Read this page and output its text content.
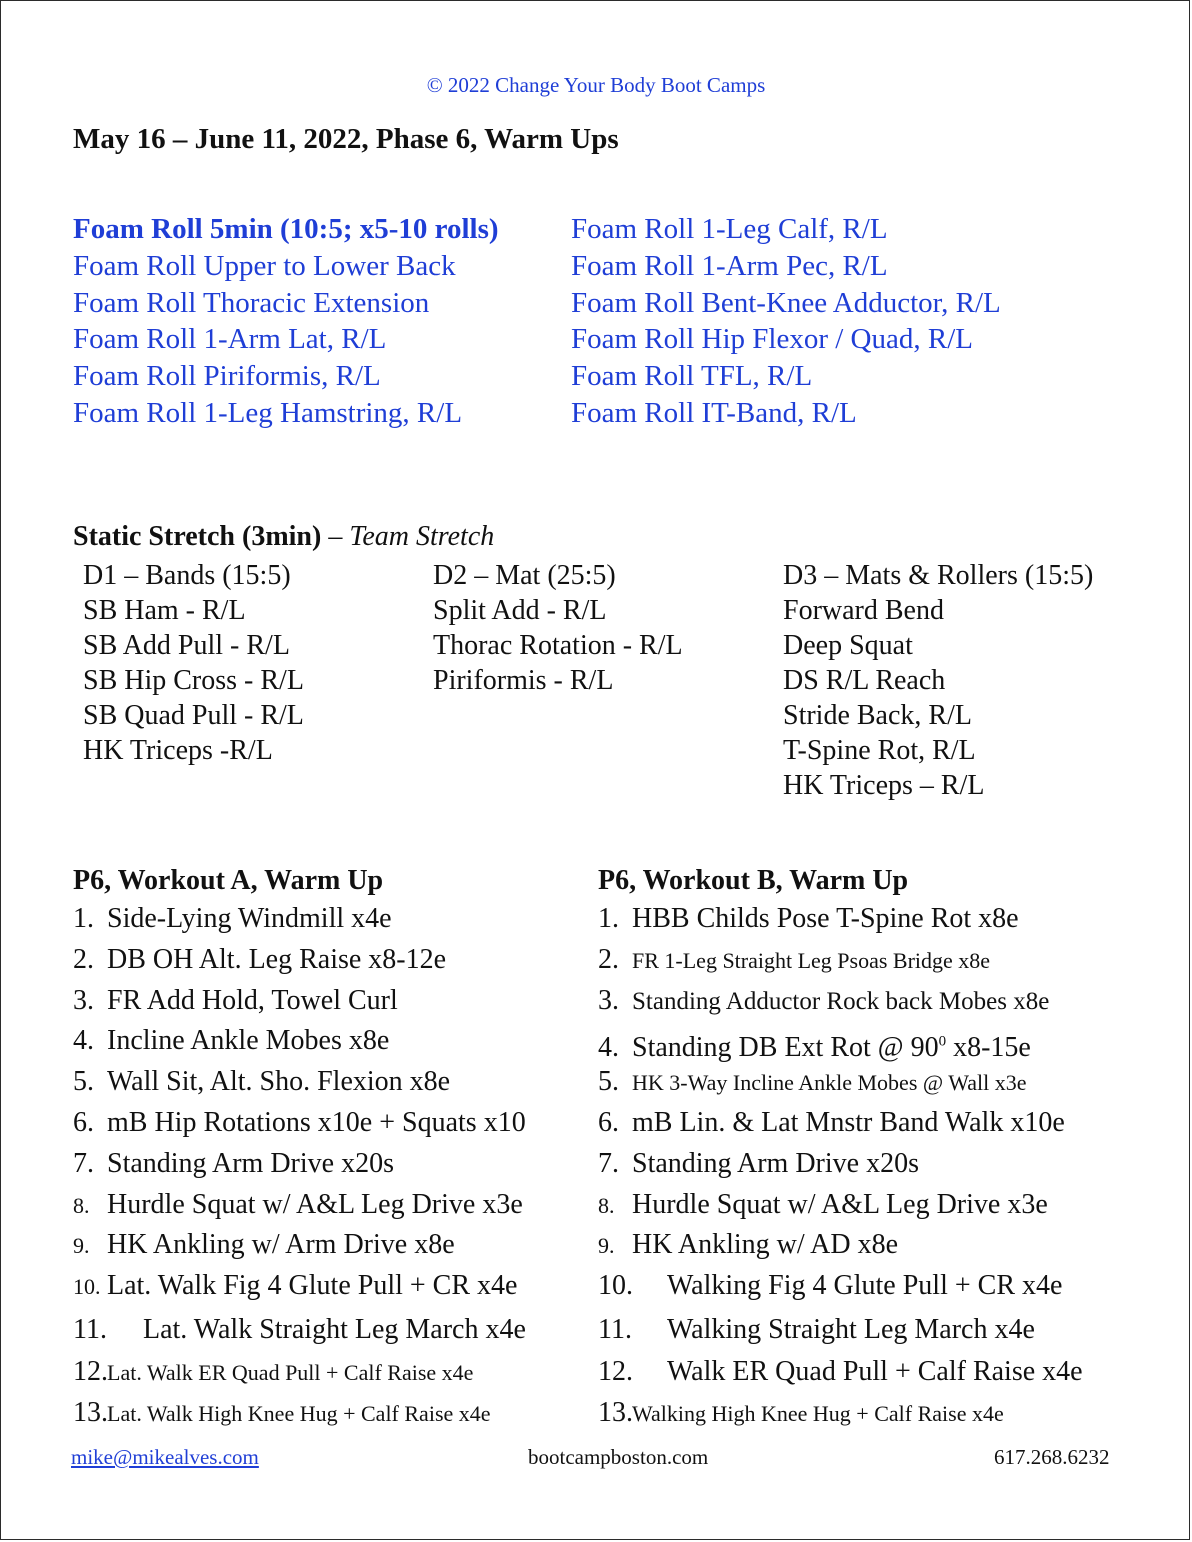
© 2022 Change Your Body Boot Camps
May 16 – June 11, 2022, Phase 6, Warm Ups
Foam Roll 5min (10:5; x5-10 rolls)
Foam Roll Upper to Lower Back
Foam Roll Thoracic Extension
Foam Roll 1-Arm Lat, R/L
Foam Roll Piriformis, R/L
Foam Roll 1-Leg Hamstring, R/L
Foam Roll 1-Leg Calf, R/L
Foam Roll 1-Arm Pec, R/L
Foam Roll Bent-Knee Adductor, R/L
Foam Roll Hip Flexor / Quad, R/L
Foam Roll TFL, R/L
Foam Roll IT-Band, R/L
Static Stretch (3min) – Team Stretch
D1 – Bands (15:5)
SB Ham - R/L
SB Add Pull - R/L
SB Hip Cross - R/L
SB Quad Pull - R/L
HK Triceps -R/L
D2 – Mat (25:5)
Split Add - R/L
Thorac Rotation - R/L
Piriformis - R/L
D3 – Mats & Rollers (15:5)
Forward Bend
Deep Squat
DS R/L Reach
Stride Back, R/L
T-Spine Rot, R/L
HK Triceps – R/L
P6, Workout A, Warm Up
1. Side-Lying Windmill x4e
2. DB OH Alt. Leg Raise x8-12e
3. FR Add Hold, Towel Curl
4. Incline Ankle Mobes x8e
5. Wall Sit, Alt. Sho. Flexion x8e
6. mB Hip Rotations x10e + Squats x10
7. Standing Arm Drive x20s
8. Hurdle Squat w/ A&L Leg Drive x3e
9. HK Ankling w/ Arm Drive x8e
10. Lat. Walk Fig 4 Glute Pull + CR x4e
11. Lat. Walk Straight Leg March x4e
12.Lat. Walk ER Quad Pull + Calf Raise x4e
13.Lat. Walk High Knee Hug + Calf Raise x4e
P6, Workout B, Warm Up
1. HBB Childs Pose T-Spine Rot x8e
2. FR 1-Leg Straight Leg Psoas Bridge x8e
3. Standing Adductor Rock back Mobes x8e
4. Standing DB Ext Rot @ $90^0$ x8-15e
5. HK 3-Way Incline Ankle Mobes @ Wall x3e
6. mB Lin. & Lat Mnstr Band Walk x10e
7. Standing Arm Drive x20s
8. Hurdle Squat w/ A&L Leg Drive x3e
9. HK Ankling w/ AD x8e
10. Walking Fig 4 Glute Pull + CR x4e
11. Walking Straight Leg March x4e
12. Walk ER Quad Pull + Calf Raise x4e
13.Walking High Knee Hug + Calf Raise x4e
mike@mikealves.com	bootcampboston.com	617.268.6232
